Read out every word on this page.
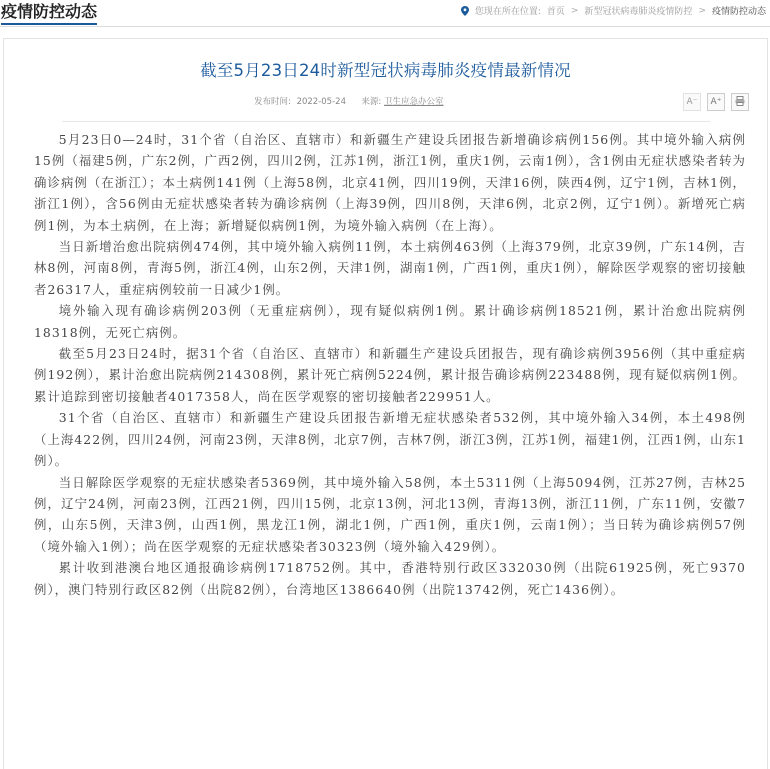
疫情防控动态	您现在所在位置: 首页 > 新型冠状病毒肺炎疫情防控 > 疫情防控动态
截至5月23日24时新型冠状病毒肺炎疫情最新情况
发布时间: 2022-05-24 来源: 卫生应急办公室	A⁻ A⁺

5月23日0—24时，31个省（自治区、直辖市）和新疆生产建设兵团报告新增确诊病例156例。其中境外输入病例15例（福建5例，广东2例，广西2例，四川2例，江苏1例，浙江1例，重庆1例，云南1例），含1例由无症状感染者转为确诊病例（在浙江）；本土病例141例（上海58例，北京41例，四川19例，天津16例，陕西4例，辽宁1例，吉林1例，浙江1例），含56例由无症状感染者转为确诊病例（上海39例，四川8例，天津6例，北京2例，辽宁1例）。新增死亡病例1例，为本土病例，在上海；新增疑似病例1例，为境外输入病例（在上海）。

当日新增治愈出院病例474例，其中境外输入病例11例，本土病例463例（上海379例，北京39例，广东14例，吉林8例，河南8例，青海5例，浙江4例，山东2例，天津1例，湖南1例，广西1例，重庆1例），解除医学观察的密切接触者26317人，重症病例较前一日减少1例。

境外输入现有确诊病例203例（无重症病例），现有疑似病例1例。累计确诊病例18521例，累计治愈出院病例18318例，无死亡病例。

截至5月23日24时，据31个省（自治区、直辖市）和新疆生产建设兵团报告，现有确诊病例3956例（其中重症病例192例），累计治愈出院病例214308例，累计死亡病例5224例，累计报告确诊病例223488例，现有疑似病例1例。累计追踪到密切接触者4017358人，尚在医学观察的密切接触者229951人。

31个省（自治区、直辖市）和新疆生产建设兵团报告新增无症状感染者532例，其中境外输入34例，本土498例（上海422例，四川24例，河南23例，天津8例，北京7例，吉林7例，浙江3例，江苏1例，福建1例，江西1例，山东1例）。

当日解除医学观察的无症状感染者5369例，其中境外输入58例，本土5311例（上海5094例，江苏27例，吉林25例，辽宁24例，河南23例，江西21例，四川15例，北京13例，河北13例，青海13例，浙江11例，广东11例，安徽7例，山东5例，天津3例，山西1例，黑龙江1例，湖北1例，广西1例，重庆1例，云南1例）；当日转为确诊病例57例（境外输入1例）；尚在医学观察的无症状感染者30323例（境外输入429例）。

累计收到港澳台地区通报确诊病例1718752例。其中，香港特别行政区332030例（出院61925例，死亡9370例），澳门特别行政区82例（出院82例），台湾地区1386640例（出院13742例，死亡1436例）。
